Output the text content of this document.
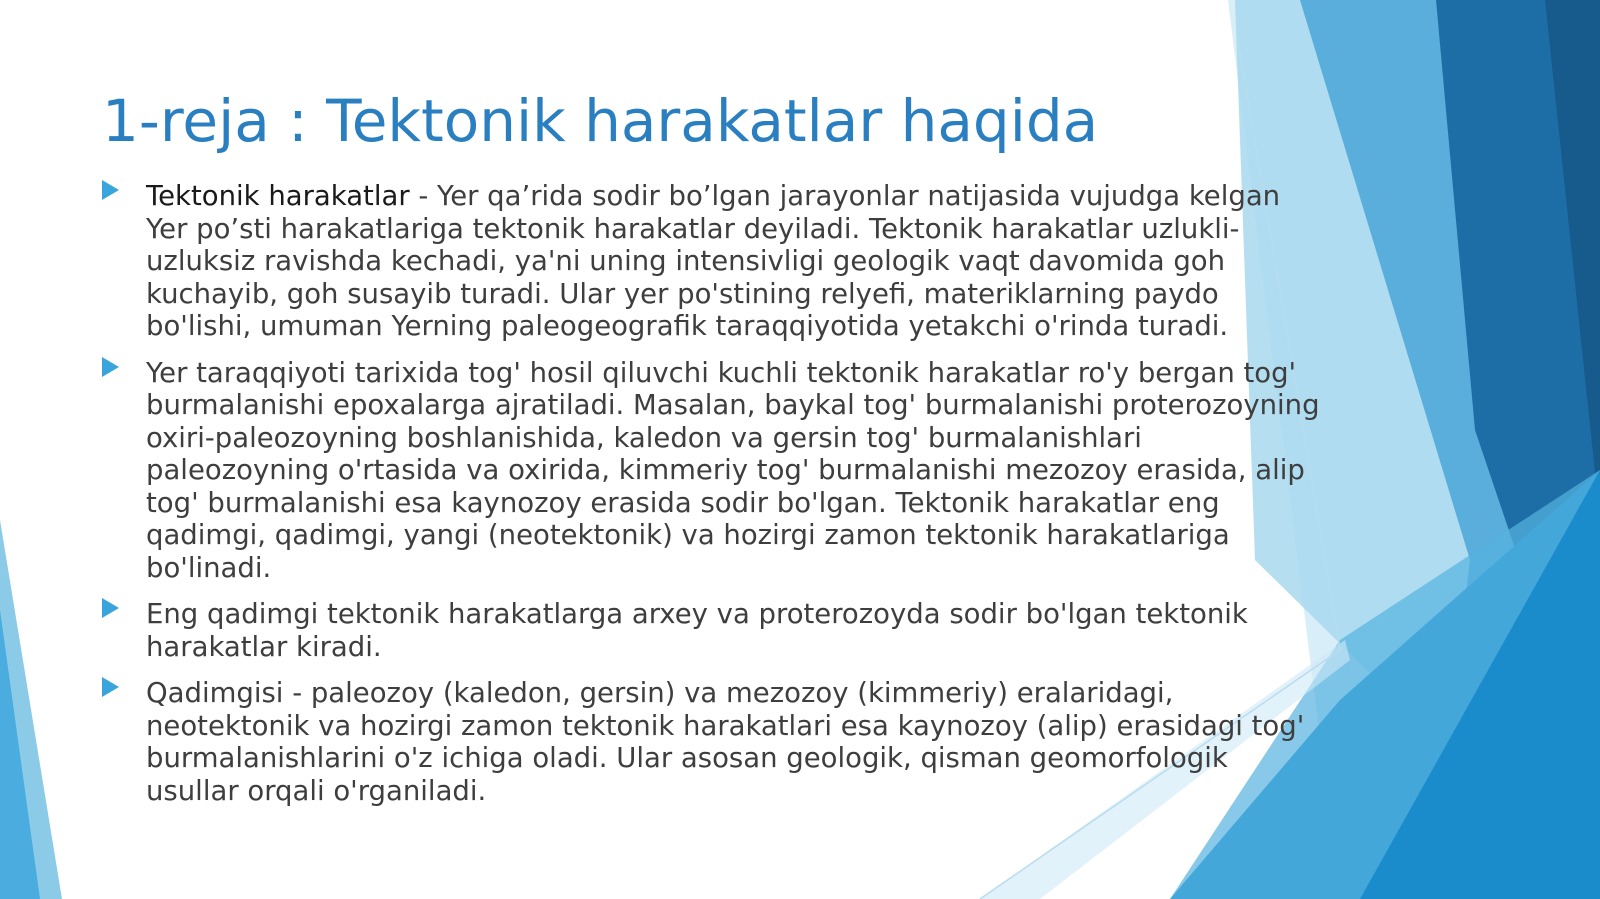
1-reja : Tektonik harakatlar haqida
Tektonik harakatlar - Yer qa’rida sodir bo’lgan jarayonlar natijasida vujudga kelgan Yer po’sti harakatlariga tektonik harakatlar deyiladi. Tektonik harakatlar uzlukli-uzluksiz ravishda kechadi, ya'ni uning intensivligi geologik vaqt davomida goh kuchayib, goh susayib turadi. Ular yer po'stining relyefi, materiklarning paydo bo'lishi, umuman Yerning paleogeografik taraqqiyotida yetakchi o'rinda turadi.
Yer taraqqiyoti tarixida tog' hosil qiluvchi kuchli tektonik harakatlar ro'y bergan tog' burmalanishi epoxalarga ajratiladi. Masalan, baykal tog' burmalanishi proterozoyning oxiri-paleozoyning boshlanishida, kaledon va gersin tog' burmalanishlari paleozoyning o'rtasida va oxirida, kimmeriy tog' burmalanishi mezozoy erasida, alip tog' burmalanishi esa kaynozoy erasida sodir bo'lgan. Tektonik harakatlar eng qadimgi, qadimgi, yangi (neotektonik) va hozirgi zamon tektonik harakatlariga bo'linadi.
Eng qadimgi tektonik harakatlarga arxey va proterozoyda sodir bo'lgan tektonik harakatlar kiradi.
Qadimgisi - paleozoy (kaledon, gersin) va mezozoy (kimmeriy) eralaridagi, neotektonik va hozirgi zamon tektonik harakatlari esa kaynozoy (alip) erasidagi tog' burmalanishlarini o'z ichiga oladi. Ular asosan geologik, qisman geomorfologik usullar orqali o'rganiladi.
